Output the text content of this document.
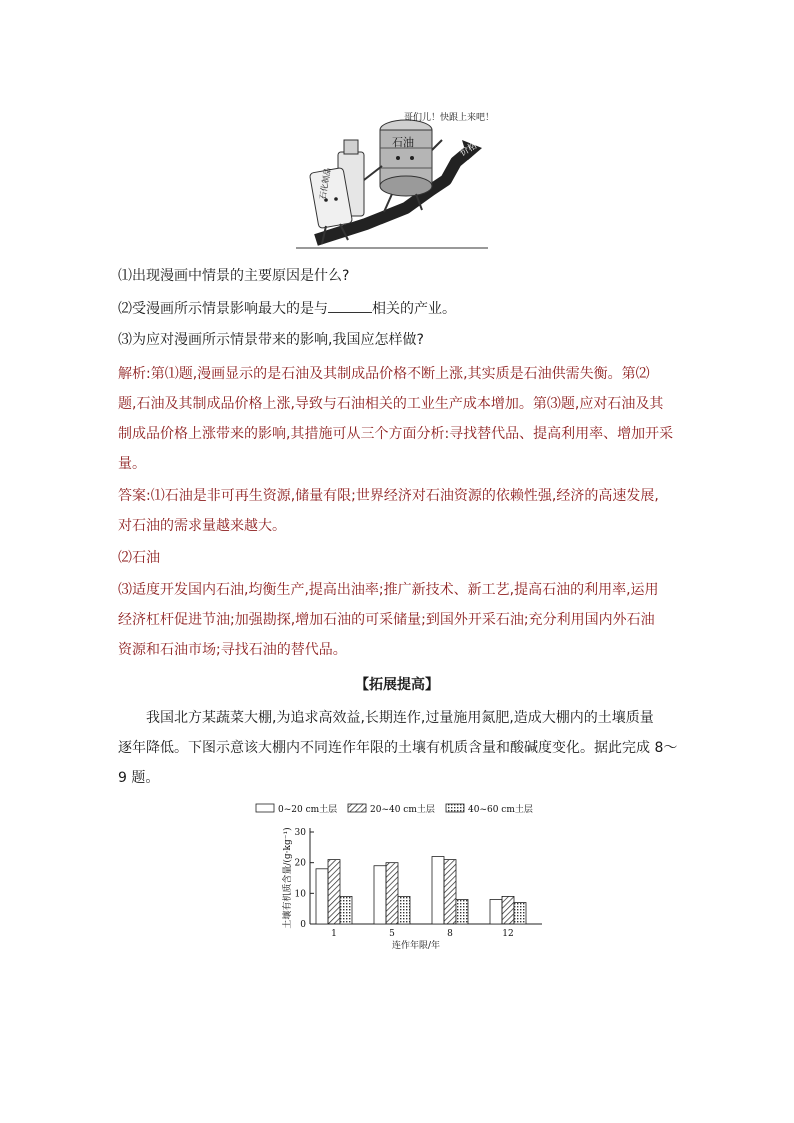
石油
石化制品
价格
哥们儿！快跟上来吧！
⑴出现漫画中情景的主要原因是什么?
⑵受漫画所示情景影响最大的是与	相关的产业。
⑶为应对漫画所示情景带来的影响,我国应怎样做?
解析:第⑴题,漫画显示的是石油及其制成品价格不断上涨,其实质是石油供需失衡。第⑵
题,石油及其制成品价格上涨,导致与石油相关的工业生产成本增加。第⑶题,应对石油及其
制成品价格上涨带来的影响,其措施可从三个方面分析:寻找替代品、提高利用率、增加开采
量。
答案:⑴石油是非可再生资源,储量有限;世界经济对石油资源的依赖性强,经济的高速发展,
对石油的需求量越来越大。
⑵石油
⑶适度开发国内石油,均衡生产,提高出油率;推广新技术、新工艺,提高石油的利用率,运用
经济杠杆促进节油;加强勘探,增加石油的可采储量;到国外开采石油;充分利用国内外石油
资源和石油市场;寻找石油的替代品。
【拓展提高】
我国北方某蔬菜大棚,为追求高效益,长期连作,过量施用氮肥,造成大棚内的土壤质量
逐年降低。下图示意该大棚内不同连作年限的土壤有机质含量和酸碱度变化。据此完成 8～
9 题。
0~20 cm土层	20~40 cm土层	40~60 cm土层
0
10
20
30
土壤有机质含量/(g·kg⁻¹)
1	5	8	12
连作年限/年
